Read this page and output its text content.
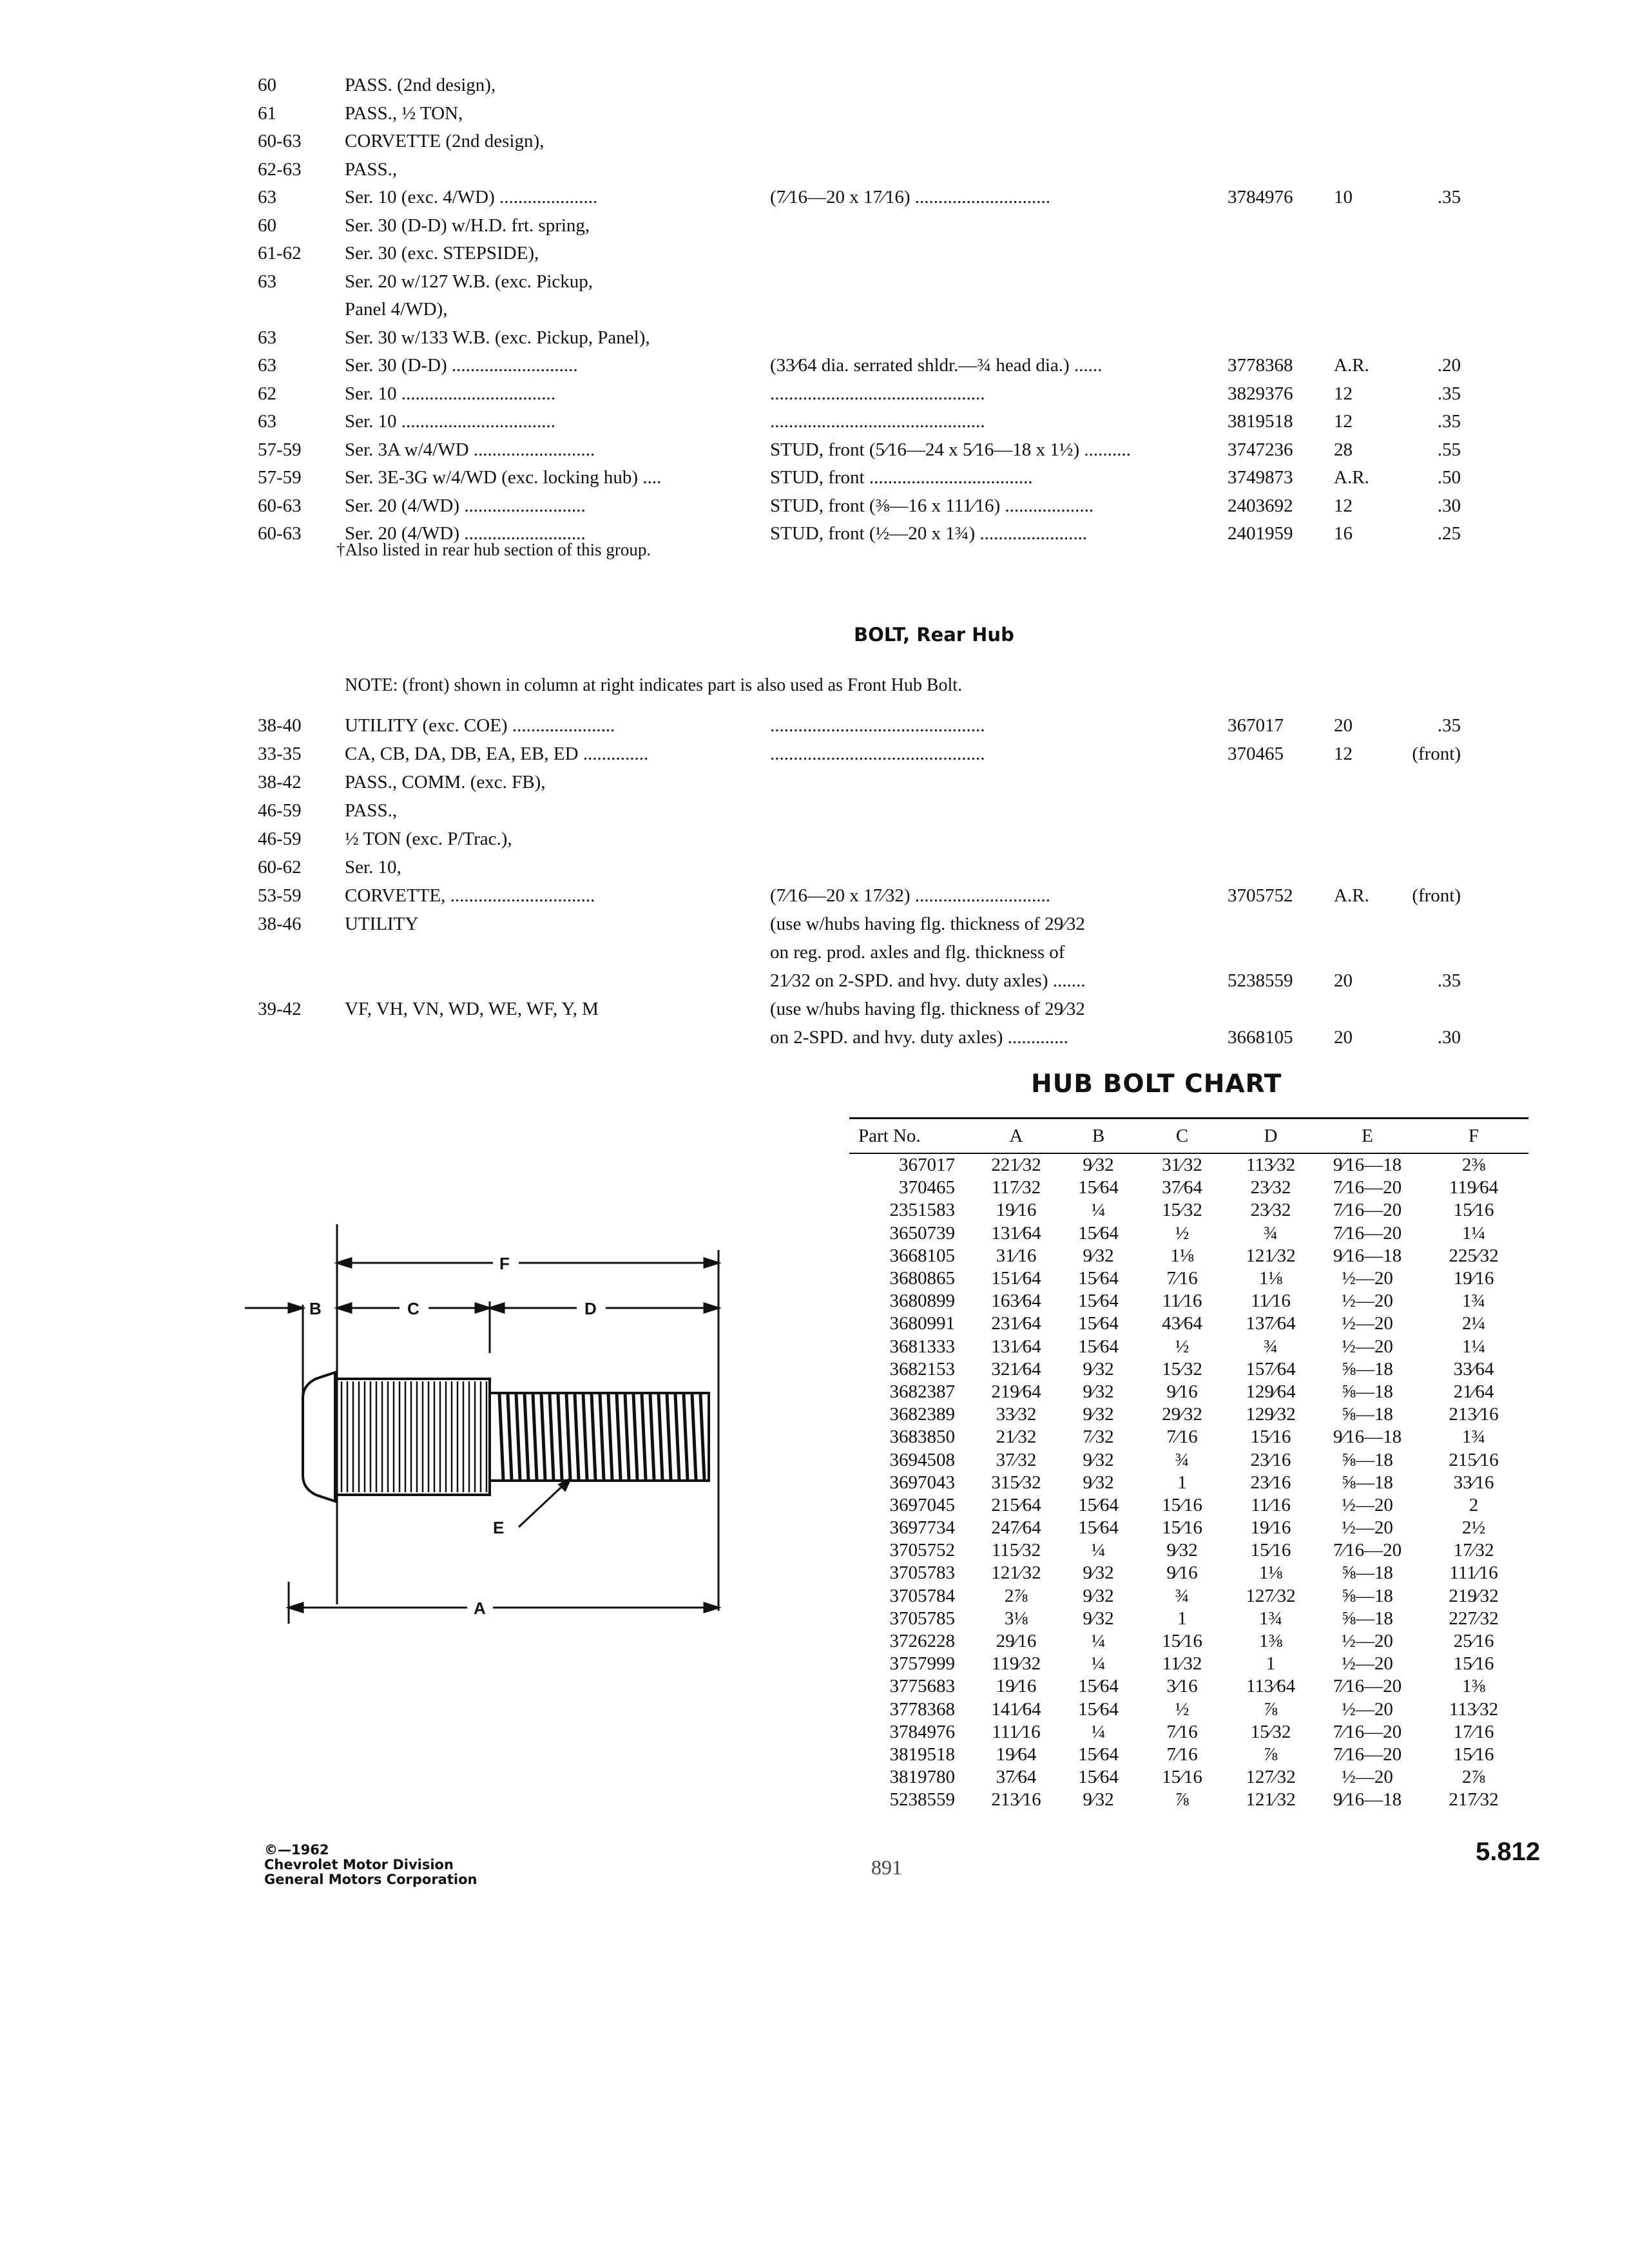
60	PASS. (2nd design),
61	PASS., ½ TON,
60-63 CORVETTE (2nd design),
62-63 PASS.,
63	Ser. 10 (exc. 4/WD) .....................	(7⁄16—20 x 17⁄16) .............................	3784976 10	.35
60	Ser. 30 (D-D) w/H.D. frt. spring,
61-62 Ser. 30 (exc. STEPSIDE),
63	Ser. 20 w/127 W.B. (exc. Pickup,
Panel 4/WD),
63	Ser. 30 w/133 W.B. (exc. Pickup, Panel),
63	Ser. 30 (D-D) ...........................	(33⁄64 dia. serrated shldr.—¾ head dia.) ......	3778368 A.R.	.20
62	Ser. 10 .................................	..............................................	3829376 12	.35
63	Ser. 10 .................................	..............................................	3819518 12	.35
57-59 Ser. 3A w/4/WD ..........................	STUD, front (5⁄16—24 x 5⁄16—18 x 1½) ..........	3747236 28	.55
57-59 Ser. 3E-3G w/4/WD (exc. locking hub) ....	STUD, front ...................................	3749873 A.R.	.50
60-63 Ser. 20 (4/WD) ..........................	STUD, front (⅜—16 x 111⁄16) ...................	2403692 12	.30
60-63 Ser. 20 (4/WD) ..........................	STUD, front (½—20 x 1¾) .......................	2401959 16	.25
†Also listed in rear hub section of this group.
BOLT, Rear Hub
NOTE: (front) shown in column at right indicates part is also used as Front Hub Bolt.
38-40 UTILITY (exc. COE) ......................	..............................................	367017	20	.35
33-35 CA, CB, DA, DB, EA, EB, ED ..............	..............................................	370465	12	(front)
38-42 PASS., COMM. (exc. FB),
46-59 PASS.,
46-59 ½ TON (exc. P/Trac.),
60-62 Ser. 10,
53-59 CORVETTE, ...............................	(7⁄16—20 x 17⁄32) .............................	3705752 A.R.	(front)
38-46 UTILITY	(use w/hubs having flg. thickness of 29⁄32
on reg. prod. axles and flg. thickness of
21⁄32 on 2-SPD. and hvy. duty axles) .......	5238559 20	.35
39-42 VF, VH, VN, WD, WE, WF, Y, M	(use w/hubs having flg. thickness of 29⁄32
on 2-SPD. and hvy. duty axles) .............	3668105 20	.30
HUB BOLT CHART
Part No.	A	B	C	D	E	F
367017	221⁄32	9⁄32	31⁄32	113⁄32	9⁄16—18	2⅜
370465	117⁄32	15⁄64	37⁄64	23⁄32	7⁄16—20	119⁄64
2351583	19⁄16	¼	15⁄32	23⁄32	7⁄16—20	15⁄16
3650739	131⁄64	15⁄64	½	¾	7⁄16—20	1¼
3668105	31⁄16	9⁄32	1⅛	121⁄32	9⁄16—18	225⁄32
3680865	151⁄64	15⁄64	7⁄16	1⅛	½—20	19⁄16
3680899	163⁄64	15⁄64	11⁄16	11⁄16	½—20	1¾
3680991	231⁄64	15⁄64	43⁄64	137⁄64	½—20	2¼
3681333	131⁄64	15⁄64	½	¾	½—20	1¼
3682153	321⁄64	9⁄32	15⁄32	157⁄64	⅝—18	33⁄64
3682387	219⁄64	9⁄32	9⁄16	129⁄64	⅝—18	21⁄64
3682389	33⁄32	9⁄32	29⁄32	129⁄32	⅝—18	213⁄16
3683850	21⁄32	7⁄32	7⁄16	15⁄16	9⁄16—18	1¾
3694508	37⁄32	9⁄32	¾	23⁄16	⅝—18	215⁄16
3697043	315⁄32	9⁄32	1	23⁄16	⅝—18	33⁄16
3697045	215⁄64	15⁄64	15⁄16	11⁄16	½—20	2
3697734	247⁄64	15⁄64	15⁄16	19⁄16	½—20	2½
3705752	115⁄32	¼	9⁄32	15⁄16	7⁄16—20	17⁄32
3705783	121⁄32	9⁄32	9⁄16	1⅛	⅝—18	111⁄16
3705784	2⅞	9⁄32	¾	127⁄32	⅝—18	219⁄32
3705785	3⅛	9⁄32	1	1¾	⅝—18	227⁄32
3726228	29⁄16	¼	15⁄16	1⅜	½—20	25⁄16
3757999	119⁄32	¼	11⁄32	1	½—20	15⁄16
3775683	19⁄16	15⁄64	3⁄16	113⁄64	7⁄16—20	1⅜
3778368	141⁄64	15⁄64	½	⅞	½—20	113⁄32
3784976	111⁄16	¼	7⁄16	15⁄32	7⁄16—20	17⁄16
3819518	19⁄64	15⁄64	7⁄16	⅞	7⁄16—20	15⁄16
3819780	37⁄64	15⁄64	15⁄16	127⁄32	½—20	2⅞
5238559	213⁄16	9⁄32	⅞	121⁄32	9⁄16—18	217⁄32
F
B	C	D
E
A
©—1962
Chevrolet Motor Division
General Motors Corporation
891
5.812
